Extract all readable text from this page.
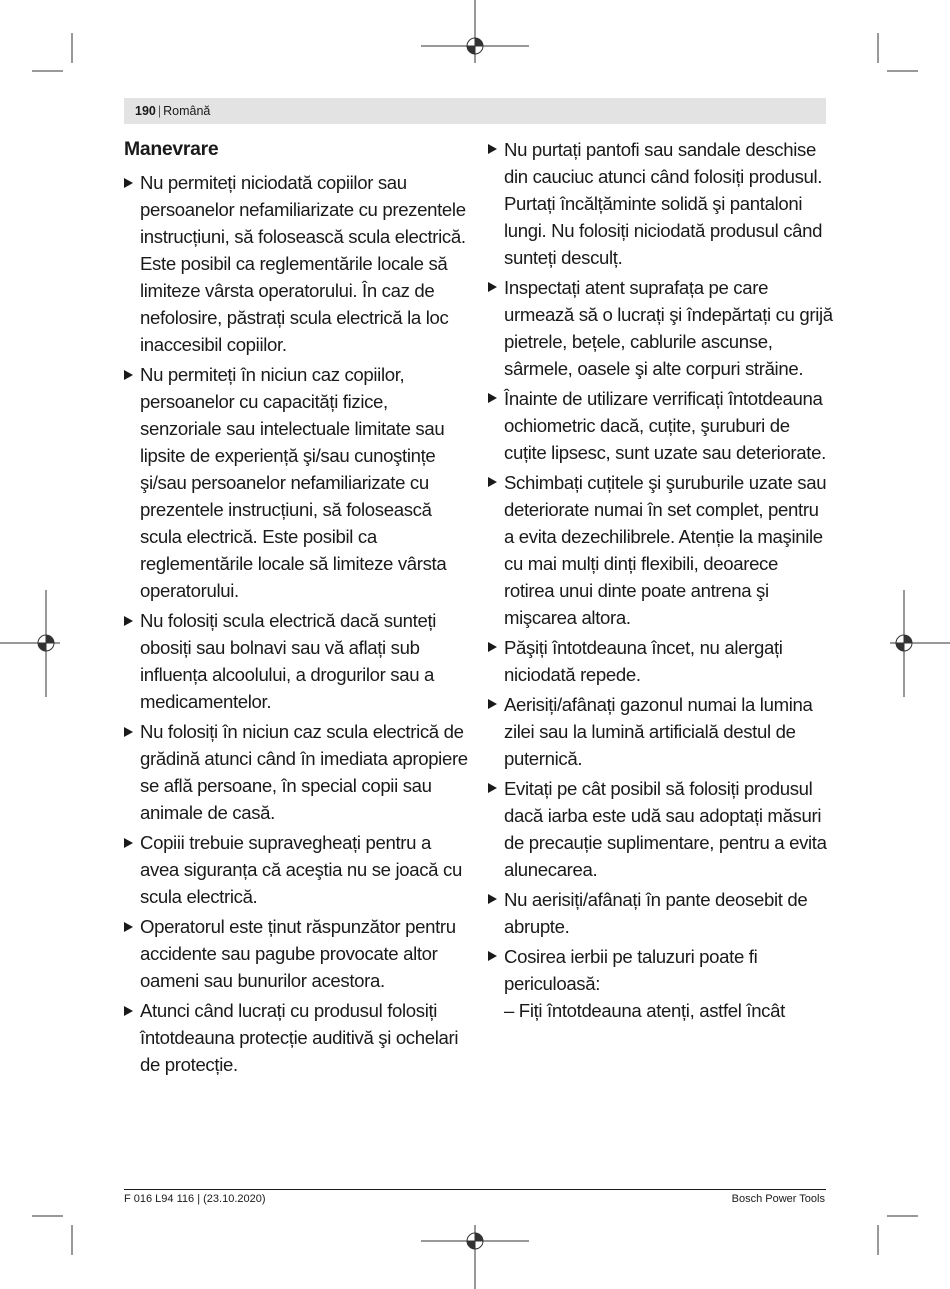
190 | Română
Manevrare
Nu permiteți niciodată copiilor sau persoanelor nefamiliarizate cu prezentele instrucțiuni, să folosească scula electrică. Este posibil ca reglementările locale să limiteze vârsta operatorului. În caz de nefolosire, păstrați scula electrică la loc inaccesibil copiilor.
Nu permiteți în niciun caz copiilor, persoanelor cu capacități fizice, senzoriale sau intelectuale limitate sau lipsite de experiență şi/sau cunoştințe şi/sau persoanelor nefamiliarizate cu prezentele instrucțiuni, să folosească scula electrică. Este posibil ca reglementările locale să limiteze vârsta operatorului.
Nu folosiți scula electrică dacă sunteți obosiți sau bolnavi sau vă aflați sub influența alcoolului, a drogurilor sau a medicamentelor.
Nu folosiți în niciun caz scula electrică de grădină atunci când în imediata apropiere se află persoane, în special copii sau animale de casă.
Copiii trebuie supravegheați pentru a avea siguranța că aceştia nu se joacă cu scula electrică.
Operatorul este ținut răspunzător pentru accidente sau pagube provocate altor oameni sau bunurilor acestora.
Atunci când lucrați cu produsul folosiți întotdeauna protecție auditivă şi ochelari de protecție.
Nu purtați pantofi sau sandale deschise din cauciuc atunci când folosiți produsul. Purtați încălțăminte solidă şi pantaloni lungi. Nu folosiți niciodată produsul când sunteți desculț.
Inspectați atent suprafața pe care urmează să o lucrați şi îndepărtați cu grijă pietrele, bețele, cablurile ascunse, sârmele, oasele şi alte corpuri străine.
Înainte de utilizare verrificați întotdeauna ochiometric dacă, cuțite, şuruburi de cuțite lipsesc, sunt uzate sau deteriorate.
Schimbați cuțitele şi şuruburile uzate sau deteriorate numai în set complet, pentru a evita dezechilibrele. Atenție la maşinile cu mai mulți dinți flexibili, deoarece rotirea unui dinte poate antrena şi mişcarea altora.
Păşiți întotdeauna încet, nu alergați niciodată repede.
Aerisiți/afânați gazonul numai la lumina zilei sau la lumină artificială destul de puternică.
Evitați pe cât posibil să folosiți produsul dacă iarba este udă sau adoptați măsuri de precauție suplimentare, pentru a evita alunecarea.
Nu aerisiți/afânați în pante deosebit de abrupte.
Cosirea ierbii pe taluzuri poate fi periculoasă:
– Fiți întotdeauna atenți, astfel încât
F 016 L94 116 | (23.10.2020)	Bosch Power Tools
